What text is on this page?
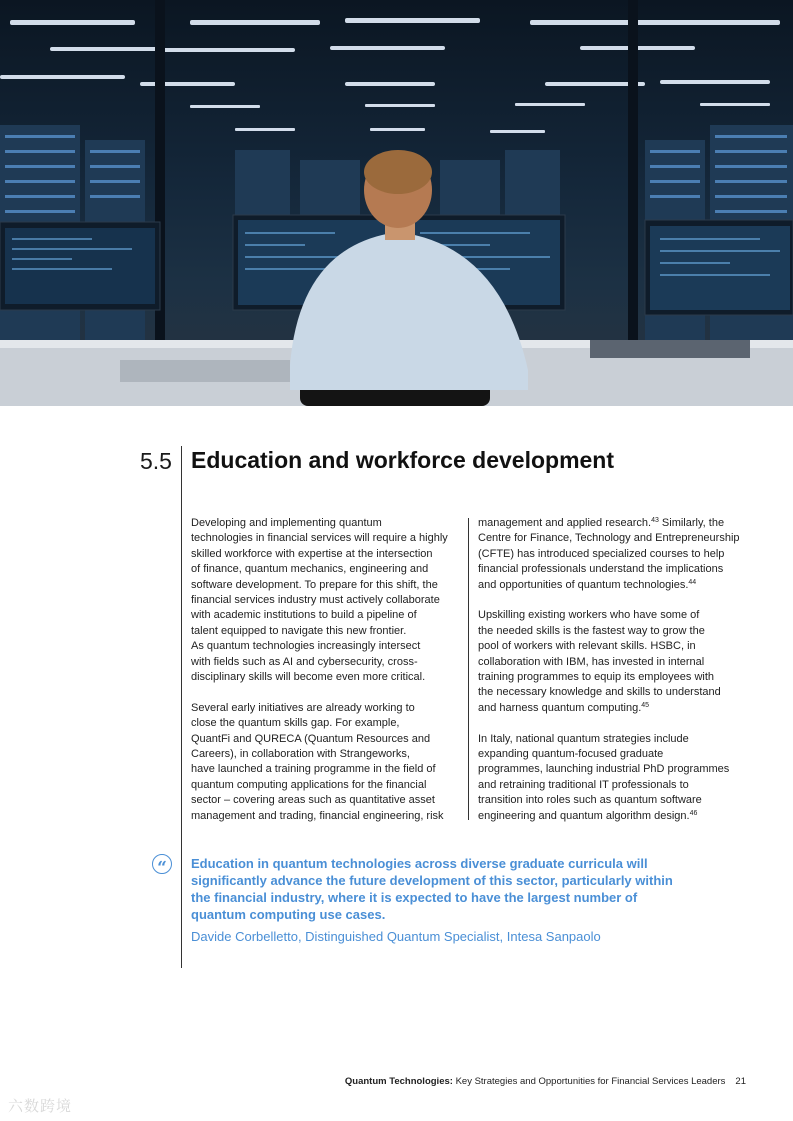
5.5 Education and workforce development

Developing and implementing quantum
technologies in financial services will require a highly
skilled workforce with expertise at the intersection
of finance, quantum mechanics, engineering and
software development. To prepare for this shift, the
financial services industry must actively collaborate
with academic institutions to build a pipeline of
talent equipped to navigate this new frontier.
As quantum technologies increasingly intersect
with fields such as AI and cybersecurity, cross-
disciplinary skills will become even more critical.

Several early initiatives are already working to
close the quantum skills gap. For example,
QuantFi and QURECA (Quantum Resources and
Careers), in collaboration with Strangeworks,
have launched a training programme in the field of
quantum computing applications for the financial
sector – covering areas such as quantitative asset
management and trading, financial engineering, risk

management and applied research.$^{43}$ Similarly, the
Centre for Finance, Technology and Entrepreneurship
(CFTE) has introduced specialized courses to help
financial professionals understand the implications
and opportunities of quantum technologies.$^{44}$

Upskilling existing workers who have some of
the needed skills is the fastest way to grow the
pool of workers with relevant skills. HSBC, in
collaboration with IBM, has invested in internal
training programmes to equip its employees with
the necessary knowledge and skills to understand
and harness quantum computing.$^{45}$

In Italy, national quantum strategies include
expanding quantum-focused graduate
programmes, launching industrial PhD programmes
and retraining traditional IT professionals to
transition into roles such as quantum software
engineering and quantum algorithm design.$^{46}$

“	Education in quantum technologies across diverse graduate curricula will
significantly advance the future development of this sector, particularly within
the financial industry, where it is expected to have the largest number of
quantum computing use cases.

Davide Corbelletto, Distinguished Quantum Specialist, Intesa Sanpaolo
Quantum Technologies: Key Strategies and Opportunities for Financial Services Leaders 21
六数跨境
